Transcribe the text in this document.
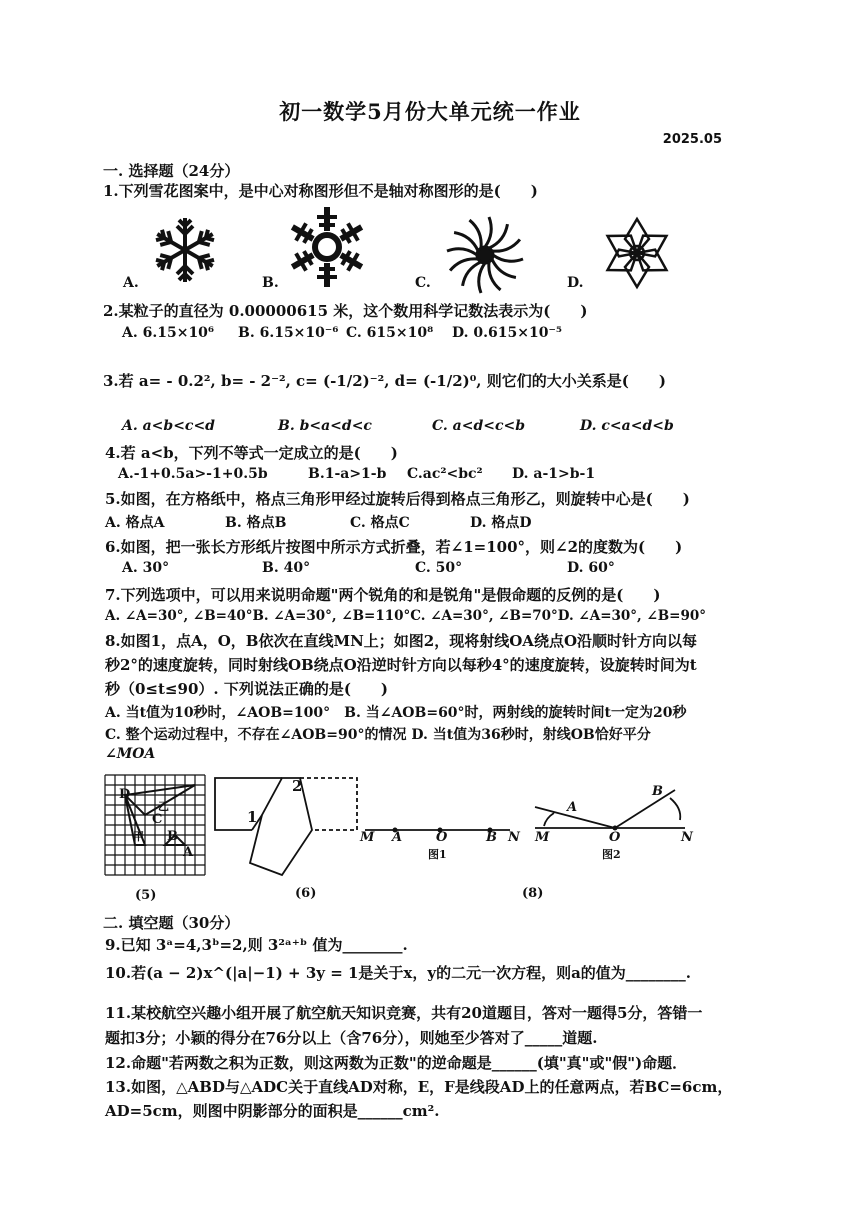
初一数学5月份大单元统一作业
2025.05
一. 选择题（24分）
1.下列雪花图案中，是中心对称图形但不是轴对称图形的是(　　)
A.	B.	C.	D.
2.某粒子的直径为 0.00000615 米，这个数用科学记数法表示为(　　)
A. 6.15×10⁶ B. 6.15×10⁻⁶ C. 615×10⁸ D. 0.615×10⁻⁵
3.若 a= - 0.2², b= - 2⁻², c= (-1/2)⁻², d= (-1/2)⁰, 则它们的大小关系是(　　)
A. a<b<c<d	B. b<a<d<c	C. a<d<c<b	D. c<a<d<b
4.若 a<b，下列不等式一定成立的是(　　)
A.-1+0.5a>-1+0.5b	B.1-a>1-b C.ac²<bc² D. a-1>b-1
5.如图，在方格纸中，格点三角形甲经过旋转后得到格点三角形乙，则旋转中心是(　　)
A. 格点A	B. 格点B	C. 格点C	D. 格点D
6.如图，把一张长方形纸片按图中所示方式折叠，若∠1=100°，则∠2的度数为(　　)
A. 30°	B. 40°	C. 50°	D. 60°
7.下列选项中，可以用来说明命题"两个锐角的和是锐角"是假命题的反例的是(　　)
A. ∠A=30°, ∠B=40°B. ∠A=30°, ∠B=110°C. ∠A=30°, ∠B=70°D. ∠A=30°, ∠B=90°
8.如图1，点A，O，B依次在直线MN上；如图2，现将射线OA绕点O沿顺时针方向以每
秒2°的速度旋转，同时射线OB绕点O沿逆时针方向以每秒4°的速度旋转，设旋转时间为t
秒（0≤t≤90）. 下列说法正确的是(　　)
A. 当t值为10秒时，∠AOB=100°　B. 当∠AOB=60°时，两射线的旋转时间t一定为20秒
C. 整个运动过程中，不存在∠AOB=90°的情况 D. 当t值为36秒时，射线OB恰好平分
∠MOA
D
乙
C
甲 B
A
(5)
1
2
(6)
M A	O	B N
图1
M
A
O
B
N
图2
(8)
二. 填空题（30分）
9.已知 3ᵃ=4,3ᵇ=2,则 3²ᵃ⁺ᵇ 值为________.
10.若(a − 2)x^(|a|−1) + 3y = 1是关于x，y的二元一次方程，则a的值为________.
11.某校航空兴趣小组开展了航空航天知识竞赛，共有20道题目，答对一题得5分，答错一
题扣3分；小颖的得分在76分以上（含76分），则她至少答对了_____道题.
12.命题"若两数之积为正数，则这两数为正数"的逆命题是______(填"真"或"假")命题．
13.如图，△ABD与△ADC关于直线AD对称，E，F是线段AD上的任意两点，若BC=6cm，
AD=5cm，则图中阴影部分的面积是______cm².
